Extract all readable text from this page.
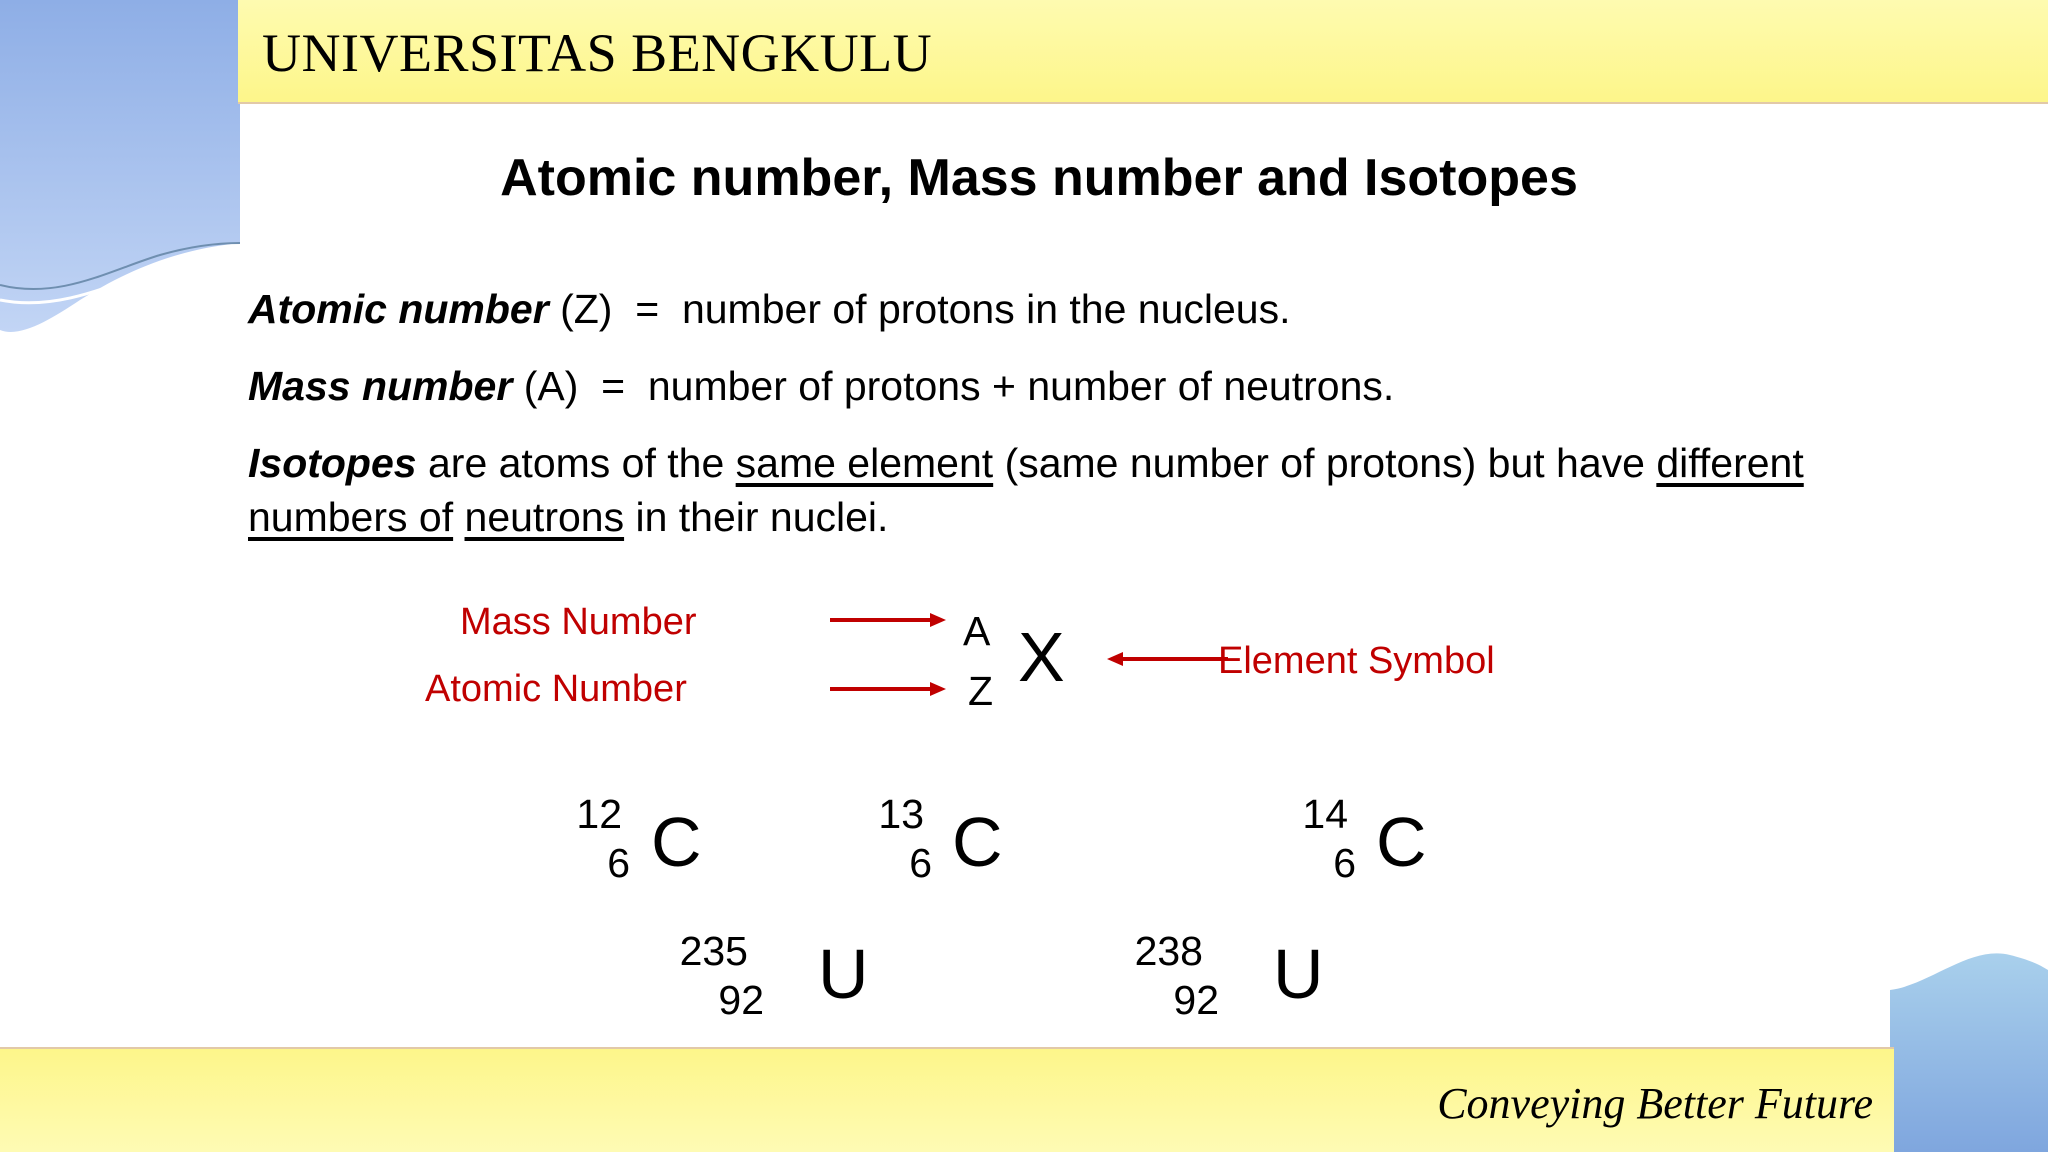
UNIVERSITAS BENGKULU
Atomic number, Mass number and Isotopes
Atomic number (Z)  =  number of protons in the nucleus.
Mass number (A)  =  number of protons + number of neutrons.
Isotopes are atoms of the same element (same number of protons) but have different
numbers of neutrons in their nuclei.
Mass Number
Atomic Number
A
Z X	Element Symbol
12
6 C	13
6 C	14
6 C
235
92 U	238
92 U
Conveying Better Future
